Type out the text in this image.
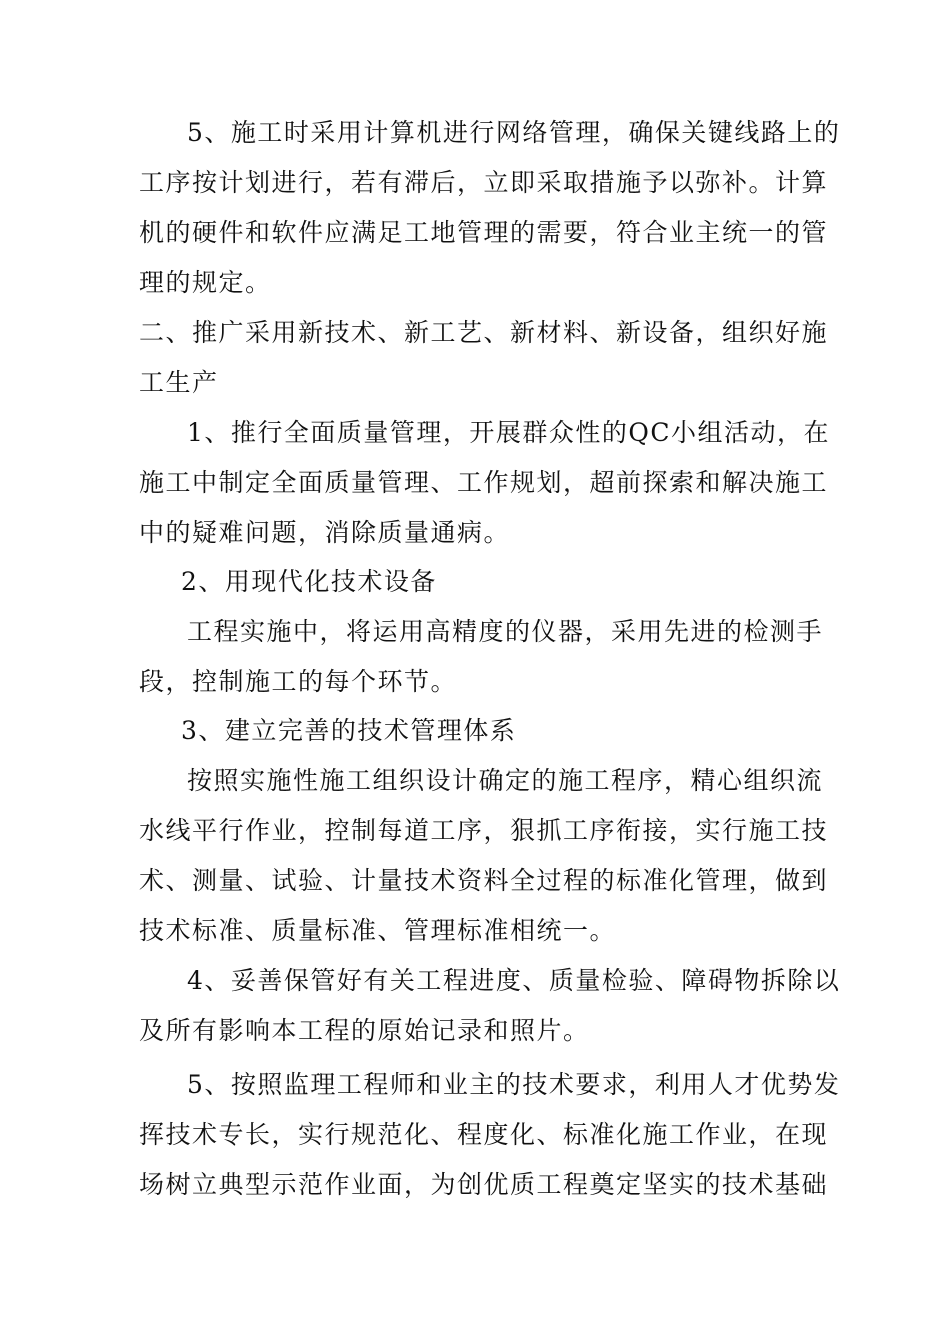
5、施工时采用计算机进行网络管理，确保关键线路上的
工序按计划进行，若有滞后，立即采取措施予以弥补。计算
机的硬件和软件应满足工地管理的需要，符合业主统一的管
理的规定。
二、推广采用新技术、新工艺、新材料、新设备，组织好施
工生产
1、推行全面质量管理，开展群众性的QC小组活动，在
施工中制定全面质量管理、工作规划，超前探索和解决施工
中的疑难问题，消除质量通病。
2、用现代化技术设备
工程实施中，将运用高精度的仪器，采用先进的检测手
段，控制施工的每个环节。
3、建立完善的技术管理体系
按照实施性施工组织设计确定的施工程序，精心组织流
水线平行作业，控制每道工序，狠抓工序衔接，实行施工技
术、测量、试验、计量技术资料全过程的标准化管理，做到
技术标准、质量标准、管理标准相统一。
4、妥善保管好有关工程进度、质量检验、障碍物拆除以
及所有影响本工程的原始记录和照片。
5、按照监理工程师和业主的技术要求，利用人才优势发
挥技术专长，实行规范化、程度化、标准化施工作业，在现
场树立典型示范作业面，为创优质工程奠定坚实的技术基础
